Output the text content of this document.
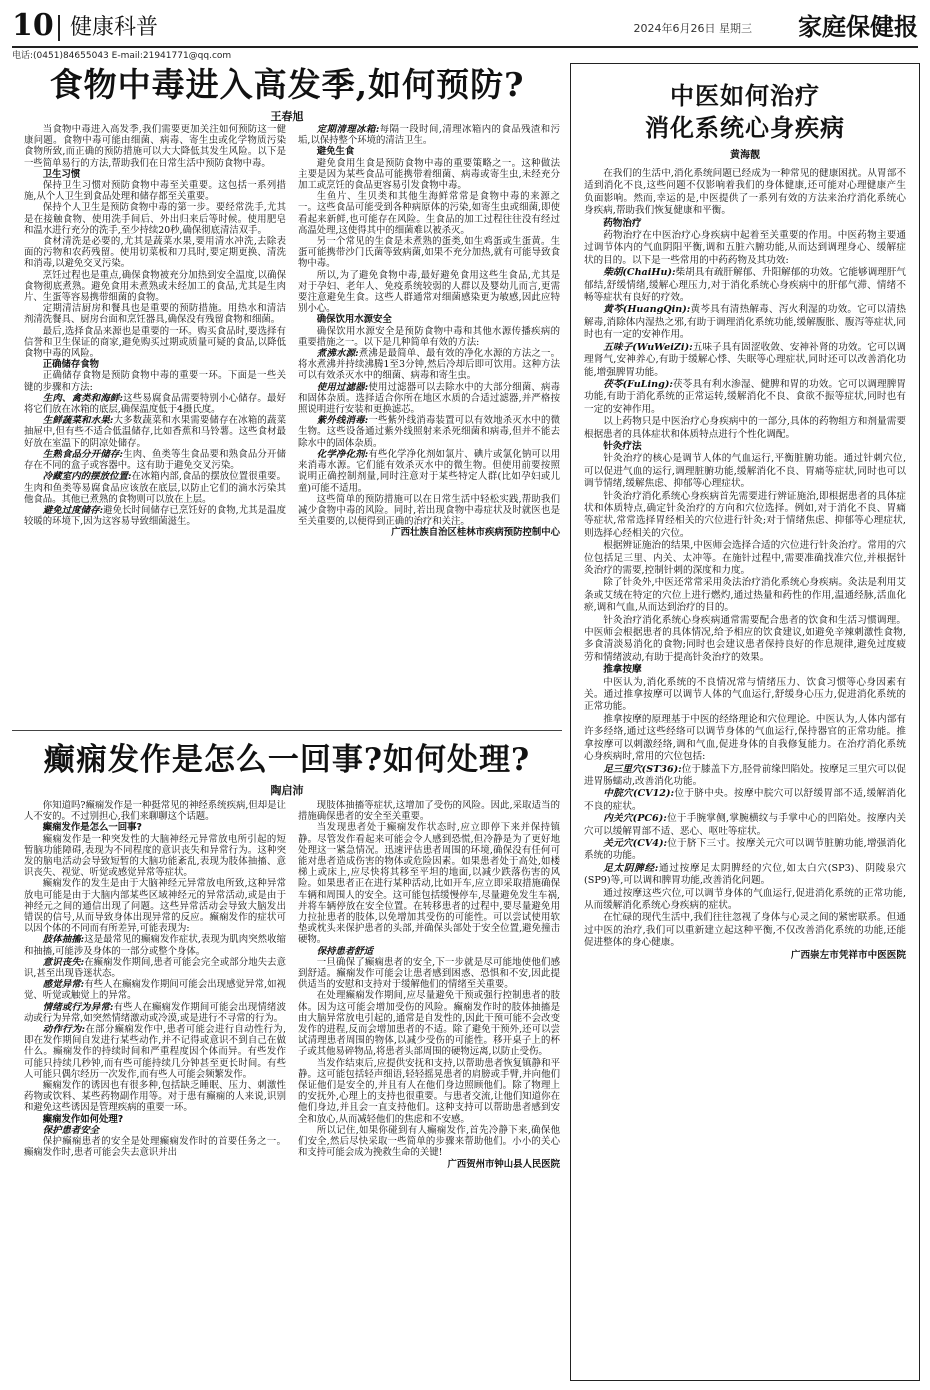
10 健康科普	2024年6月26日 星期三 家庭保健报
电话:(0451)84655043 E-mail:21941771@qq.com
食物中毒进入高发季,如何预防?
王春旭

当食物中毒进入高发季,我们需要更加关注如何预防这一健康问题。食物中毒可能由细菌、病毒、寄生虫或化学物质污染食物所致,而正确的预防措施可以大大降低其发生风险。以下是一些简单易行的方法,帮助我们在日常生活中预防食物中毒。

卫生习惯

保持卫生习惯对预防食物中毒至关重要。这包括一系列措施,从个人卫生到食品处理和储存都至关重要。

保持个人卫生是预防食物中毒的第一步。要经常洗手,尤其是在接触食物、使用洗手间后、外出归来后等时候。使用肥皂和温水进行充分的洗手,至少持续20秒,确保彻底清洁双手。

食材清洗是必要的,尤其是蔬菜水果,要用清水冲洗,去除表面的污物和农药残留。使用切菜板和刀具时,要定期更换、清洗和消毒,以避免交叉污染。

烹饪过程也是重点,确保食物被充分加热到安全温度,以确保食物彻底煮熟。避免食用未煮熟或未经加工的食品,尤其是生肉片、生蛋等容易携带细菌的食物。

定期清洁厨房和餐具也是重要的预防措施。用热水和清洁剂清洗餐具、厨房台面和烹饪器具,确保没有残留食物和细菌。

最后,选择食品来源也是重要的一环。购买食品时,要选择有信誉和卫生保证的商家,避免购买过期或质量可疑的食品,以降低食物中毒的风险。

正确储存食物

正确储存食物是预防食物中毒的重要一环。下面是一些关键的步骤和方法:

生肉、禽类和海鲜:这些易腐食品需要特别小心储存。最好将它们放在冰箱的底层,确保温度低于4摄氏度。

生鲜蔬菜和水果:大多数蔬菜和水果需要储存在冰箱的蔬菜抽屉中,但有些不适合低温储存,比如香蕉和马铃薯。这些食材最好放在室温下的阴凉处储存。

生熟食品分开储存:生肉、鱼类等生食品要和熟食品分开储存在不同的盒子或容器中。这有助于避免交叉污染。

冷藏室内的摆放位置:在冰箱内部,食品的摆放位置很重要。生肉和鱼类等易腐食品应该放在底层,以防止它们的滴水污染其他食品。其他已煮熟的食物则可以放在上层。

避免过度储存:避免长时间储存已烹饪好的食物,尤其是温度较暖的环境下,因为这容易导致细菌滋生。

定期清理冰箱:每隔一段时间,清理冰箱内的食品残渣和污垢,以保持整个环境的清洁卫生。

避免生食

避免食用生食是预防食物中毒的重要策略之一。这种做法主要是因为某些食品可能携带着细菌、病毒或寄生虫,未经充分加工或烹饪的食品更容易引发食物中毒。

生鱼片、生贝类和其他生海鲜常常是食物中毒的来源之一。这些食品可能受到各种病原体的污染,如寄生虫或细菌,即使看起来新鲜,也可能存在风险。生食品的加工过程往往没有经过高温处理,这使得其中的细菌难以被杀灭。

另一个常见的生食是未煮熟的蛋类,如生鸡蛋或生蛋黄。生蛋可能携带沙门氏菌等致病菌,如果不充分加热,就有可能导致食物中毒。

所以,为了避免食物中毒,最好避免食用这些生食品,尤其是对于孕妇、老年人、免疫系统较弱的人群以及婴幼儿而言,更需要注意避免生食。这些人群通常对细菌感染更为敏感,因此应特别小心。

确保饮用水源安全

确保饮用水源安全是预防食物中毒和其他水源传播疾病的重要措施之一。以下是几种简单有效的方法:

煮沸水源:煮沸是最简单、最有效的净化水源的方法之一。将水煮沸并持续沸腾1至3分钟,然后冷却后即可饮用。这种方法可以有效杀灭水中的细菌、病毒和寄生虫。

使用过滤器:使用过滤器可以去除水中的大部分细菌、病毒和固体杂质。选择适合你所在地区水质的合适过滤器,并严格按照说明进行安装和更换滤芯。

紫外线消毒:一些紫外线消毒装置可以有效地杀灭水中的微生物。这些设备通过紫外线照射来杀死细菌和病毒,但并不能去除水中的固体杂质。

化学净化剂:有些化学净化剂如氯片、碘片或氯化钠可以用来消毒水源。它们能有效杀灭水中的微生物。但使用前要按照说明正确控制剂量,同时注意对于某些特定人群(比如孕妇或儿童)可能不适用。

这些简单的预防措施可以在日常生活中轻松实践,帮助我们减少食物中毒的风险。同时,若出现食物中毒症状及时就医也是至关重要的,以便得到正确的治疗和关注。

广西壮族自治区桂林市疾病预防控制中心

癫痫发作是怎么一回事?如何处理?
陶启沛

你知道吗?癫痫发作是一种挺常见的神经系统疾病,但却是让人不安的。不过别担心,我们来聊聊这个话题。

癫痫发作是怎么一回事?

癫痫发作是一种突发性的大脑神经元异常放电所引起的短暂脑功能障碍,表现为不同程度的意识丧失和异常行为。这种突发的脑电活动会导致短暂的大脑功能紊乱,表现为肢体抽搐、意识丧失、视觉、听觉或感觉异常等症状。

癫痫发作的发生是由于大脑神经元异常放电所致,这种异常放电可能是由于大脑内部某些区域神经元的异常活动,或是由于神经元之间的通信出现了问题。这些异常活动会导致大脑发出错误的信号,从而导致身体出现异常的反应。癫痫发作的症状可以因个体的不同而有所差异,可能表现为:

肢体抽搐:这是最常见的癫痫发作症状,表现为肌肉突然收缩和抽搐,可能涉及身体的一部分或整个身体。

意识丧失:在癫痫发作期间,患者可能会完全或部分地失去意识,甚至出现昏迷状态。

感觉异常:有些人在癫痫发作期间可能会出现感觉异常,如视觉、听觉或触觉上的异常。

情绪或行为异常:有些人在癫痫发作期间可能会出现情绪波动或行为异常,如突然情绪激动或冷漠,或是进行不寻常的行为。

动作行为:在部分癫痫发作中,患者可能会进行自动性行为,即在发作期间自发进行某些动作,并不记得或意识不到自己在做什么。癫痫发作的持续时间和严重程度因个体而异。有些发作可能只持续几秒钟,而有些可能持续几分钟甚至更长时间。有些人可能只偶尔经历一次发作,而有些人可能会频繁发作。

癫痫发作的诱因也有很多种,包括缺乏睡眠、压力、刺激性药物或饮料、某些药物副作用等。对于患有癫痫的人来说,识别和避免这些诱因是管理疾病的重要一环。

癫痫发作如何处理?

保护患者安全

保护癫痫患者的安全是处理癫痫发作时的首要任务之一。癫痫发作时,患者可能会失去意识并出

现肢体抽搐等症状,这增加了受伤的风险。因此,采取适当的措施确保患者的安全至关重要。

当发现患者处于癫痫发作状态时,应立即停下来并保持镇静。尽管发作看起来可能会令人感到恐慌,但冷静是为了更好地处理这一紧急情况。迅速评估患者周围的环境,确保没有任何可能对患者造成伤害的物体或危险因素。如果患者处于高处,如楼梯上或床上,应尽快将其移至平坦的地面,以减少跌落伤害的风险。如果患者正在进行某种活动,比如开车,应立即采取措施确保车辆和周围人的安全。这可能包括缓慢停车,尽量避免发生车祸,并将车辆停放在安全位置。在转移患者的过程中,要尽量避免用力拉扯患者的肢体,以免增加其受伤的可能性。可以尝试使用软垫或枕头来保护患者的头部,并确保头部处于安全位置,避免撞击硬物。

保持患者舒适

一旦确保了癫痫患者的安全,下一步就是尽可能地使他们感到舒适。癫痫发作可能会让患者感到困惑、恐惧和不安,因此提供适当的安慰和支持对于缓解他们的情绪至关重要。

在处理癫痫发作期间,应尽量避免干预或强行控制患者的肢体。因为这可能会增加受伤的风险。癫痫发作时的肢体抽搐是由大脑异常放电引起的,通常是自发性的,因此干预可能不会改变发作的进程,反而会增加患者的不适。除了避免干预外,还可以尝试清理患者周围的物体,以减少受伤的可能性。移开桌子上的杯子或其他易碎物品,将患者头部周围的硬物远离,以防止受伤。

当发作结束后,应提供安抚和支持,以帮助患者恢复镇静和平静。这可能包括轻声细语,轻轻摇晃患者的肩膀或手臂,并向他们保证他们是安全的,并且有人在他们身边照顾他们。除了物理上的安抚外,心理上的支持也很重要。与患者交流,让他们知道你在他们身边,并且会一直支持他们。这种支持可以帮助患者感到安全和放心,从而减轻他们的焦虑和不安感。

所以记住,如果你碰到有人癫痫发作,首先冷静下来,确保他们安全,然后尽快采取一些简单的步骤来帮助他们。小小的关心和支持可能会成为挽救生命的关键!

广西贺州市钟山县人民医院

中医如何治疗
消化系统心身疾病
黄海靓

在我们的生活中,消化系统问题已经成为一种常见的健康困扰。从胃部不适到消化不良,这些问题不仅影响着我们的身体健康,还可能对心理健康产生负面影响。然而,幸运的是,中医提供了一系列有效的方法来治疗消化系统心身疾病,帮助我们恢复健康和平衡。

药物治疗

药物治疗在中医治疗心身疾病中起着至关重要的作用。中医药物主要通过调节体内的气血阴阳平衡,调和五脏六腑功能,从而达到调理身心、缓解症状的目的。以下是一些常用的中药药物及其功效:

柴胡(ChaiHu):柴胡具有疏肝解郁、升阳解郁的功效。它能够调理肝气郁结,舒缓情绪,缓解心理压力,对于消化系统心身疾病中的肝郁气滞、情绪不畅等症状有良好的疗效。

黄芩(HuangQin):黄芩具有清热解毒、泻火利湿的功效。它可以清热解毒,消除体内湿热之邪,有助于调理消化系统功能,缓解腹胀、腹泻等症状,同时也有一定的安神作用。

五味子(WuWeiZi):五味子具有固涩收敛、安神补肾的功效。它可以调理肾气,安神养心,有助于缓解心悸、失眠等心理症状,同时还可以改善消化功能,增强脾胃功能。

茯苓(FuLing):茯苓具有利水渗湿、健脾和胃的功效。它可以调理脾胃功能,有助于消化系统的正常运转,缓解消化不良、食欲不振等症状,同时也有一定的安神作用。

以上药物只是中医治疗心身疾病中的一部分,具体的药物组方和剂量需要根据患者的具体症状和体质特点进行个性化调配。

针灸疗法

针灸治疗的核心是调节人体的气血运行,平衡脏腑功能。通过针刺穴位,可以促进气血的运行,调理脏腑功能,缓解消化不良、胃痛等症状,同时也可以调节情绪,缓解焦虑、抑郁等心理症状。

针灸治疗消化系统心身疾病首先需要进行辨证施治,即根据患者的具体症状和体质特点,确定针灸治疗的方向和穴位选择。例如,对于消化不良、胃痛等症状,常常选择胃经相关的穴位进行针灸;对于情绪焦虑、抑郁等心理症状,则选择心经相关的穴位。

根据辨证施治的结果,中医师会选择合适的穴位进行针灸治疗。常用的穴位包括足三里、内关、太冲等。在施针过程中,需要准确找准穴位,并根据针灸治疗的需要,控制针刺的深度和力度。

除了针灸外,中医还常常采用灸法治疗消化系统心身疾病。灸法是利用艾条或艾绒在特定的穴位上进行燃灼,通过热量和药性的作用,温通经脉,活血化瘀,调和气血,从而达到治疗的目的。

针灸治疗消化系统心身疾病通常需要配合患者的饮食和生活习惯调理。中医师会根据患者的具体情况,给予相应的饮食建议,如避免辛辣刺激性食物,多食清淡易消化的食物;同时也会建议患者保持良好的作息规律,避免过度疲劳和情绪波动,有助于提高针灸治疗的效果。

推拿按摩

中医认为,消化系统的不良情况常与情绪压力、饮食习惯等心身因素有关。通过推拿按摩可以调节人体的气血运行,舒缓身心压力,促进消化系统的正常功能。

推拿按摩的原理基于中医的经络理论和穴位理论。中医认为,人体内部有许多经络,通过这些经络可以调节身体的气血运行,保持器官的正常功能。推拿按摩可以刺激经络,调和气血,促进身体的自我修复能力。在治疗消化系统心身疾病时,常用的穴位包括:

足三里穴(ST36):位于膝盖下方,胫骨前缘凹陷处。按摩足三里穴可以促进胃肠蠕动,改善消化功能。

中脘穴(CV12):位于脐中央。按摩中脘穴可以舒缓胃部不适,缓解消化不良的症状。

内关穴(PC6):位于手腕掌侧,掌腕横纹与手掌中心的凹陷处。按摩内关穴可以缓解胃部不适、恶心、呕吐等症状。

关元穴(CV4):位于脐下三寸。按摩关元穴可以调节脏腑功能,增强消化系统的功能。

足太阴脾经:通过按摩足太阴脾经的穴位,如太白穴(SP3)、阴陵泉穴(SP9)等,可以调和脾胃功能,改善消化问题。

通过按摩这些穴位,可以调节身体的气血运行,促进消化系统的正常功能,从而缓解消化系统心身疾病的症状。

在忙碌的现代生活中,我们往往忽视了身体与心灵之间的紧密联系。但通过中医的治疗,我们可以重新建立起这种平衡,不仅改善消化系统的功能,还能促进整体的身心健康。

广西崇左市凭祥市中医医院
